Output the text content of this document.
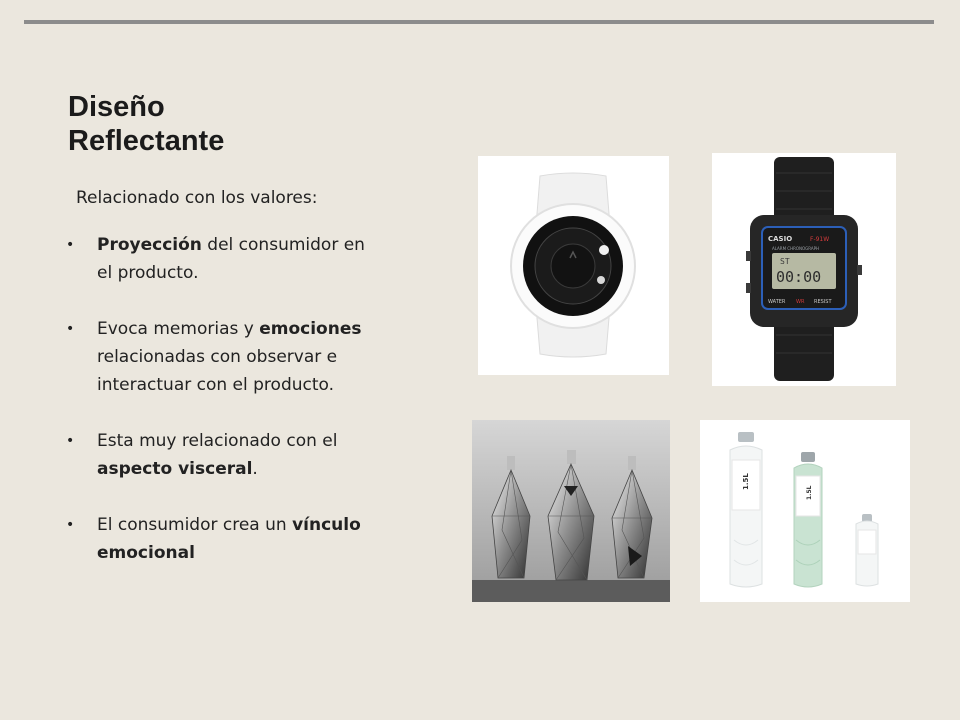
Diseño
Reflectante

Relacionado con los valores:

• Proyección del consumidor en el producto.
• Evoca memorias y emociones relacionadas con observar e interactuar con el producto.
• Esta muy relacionado con el aspecto visceral.
• El consumidor crea un vínculo emocional
CASIO	F-91W
ALARM CHRONOGRAPH
ST
00:00
WATER WR RESIST
1.5L
1.5L
